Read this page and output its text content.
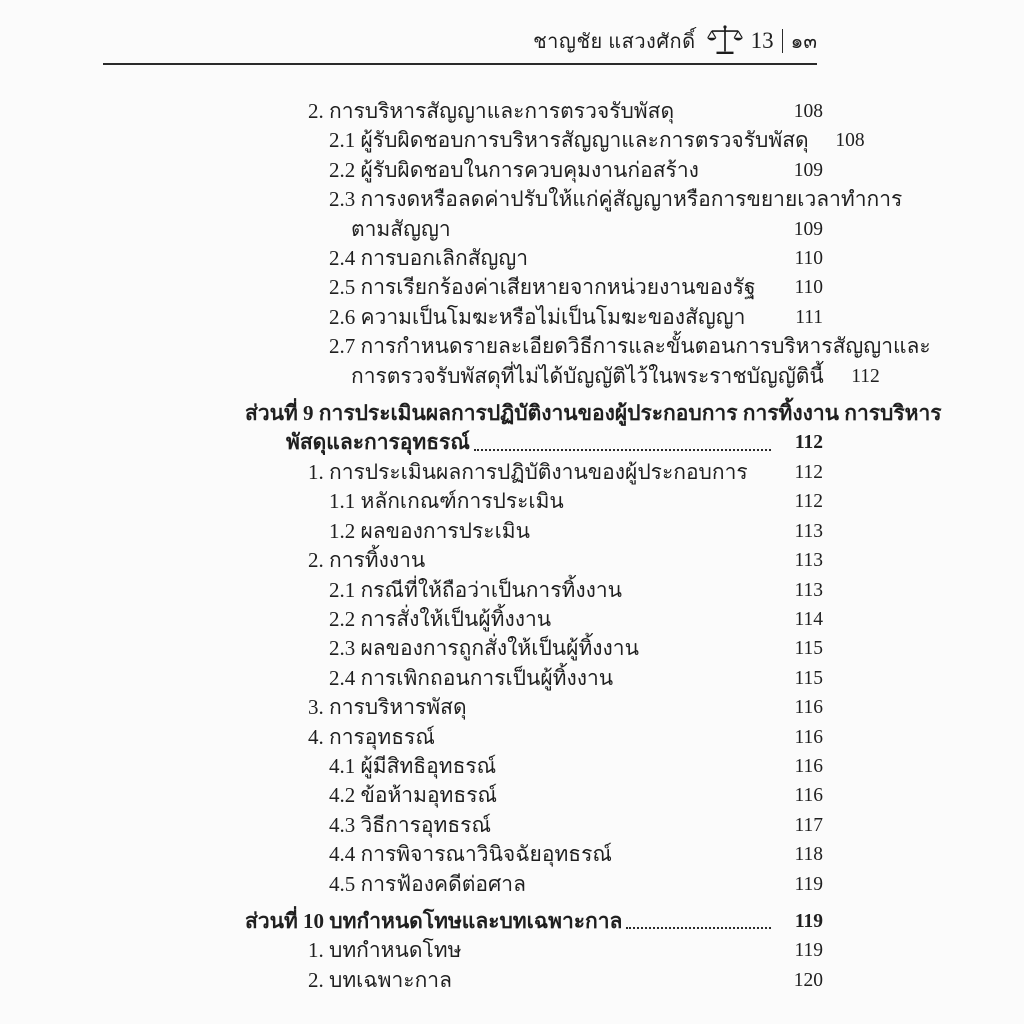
ชาญชัย แสวงศักดิ์ 13 ๑๓
2. การบริหารสัญญาและการตรวจรับพัสดุ	108
2.1 ผู้รับผิดชอบการบริหารสัญญาและการตรวจรับพัสดุ	108
2.2 ผู้รับผิดชอบในการควบคุมงานก่อสร้าง	109
2.3 การงดหรือลดค่าปรับให้แก่คู่สัญญาหรือการขยายเวลาทำการ
ตามสัญญา	109
2.4 การบอกเลิกสัญญา	110
2.5 การเรียกร้องค่าเสียหายจากหน่วยงานของรัฐ	110
2.6 ความเป็นโมฆะหรือไม่เป็นโมฆะของสัญญา	111
2.7 การกำหนดรายละเอียดวิธีการและขั้นตอนการบริหารสัญญาและ
การตรวจรับพัสดุที่ไม่ได้บัญญัติไว้ในพระราชบัญญัตินี้	112
ส่วนที่ 9 การประเมินผลการปฏิบัติงานของผู้ประกอบการ การทิ้งงาน การบริหาร
พัสดุและการอุทธรณ์	112
1. การประเมินผลการปฏิบัติงานของผู้ประกอบการ	112
1.1 หลักเกณฑ์การประเมิน	112
1.2 ผลของการประเมิน	113
2. การทิ้งงาน	113
2.1 กรณีที่ให้ถือว่าเป็นการทิ้งงาน	113
2.2 การสั่งให้เป็นผู้ทิ้งงาน	114
2.3 ผลของการถูกสั่งให้เป็นผู้ทิ้งงาน	115
2.4 การเพิกถอนการเป็นผู้ทิ้งงาน	115
3. การบริหารพัสดุ	116
4. การอุทธรณ์	116
4.1 ผู้มีสิทธิอุทธรณ์	116
4.2 ข้อห้ามอุทธรณ์	116
4.3 วิธีการอุทธรณ์	117
4.4 การพิจารณาวินิจฉัยอุทธรณ์	118
4.5 การฟ้องคดีต่อศาล	119
ส่วนที่ 10 บทกำหนดโทษและบทเฉพาะกาล	119
1. บทกำหนดโทษ	119
2. บทเฉพาะกาล	120
